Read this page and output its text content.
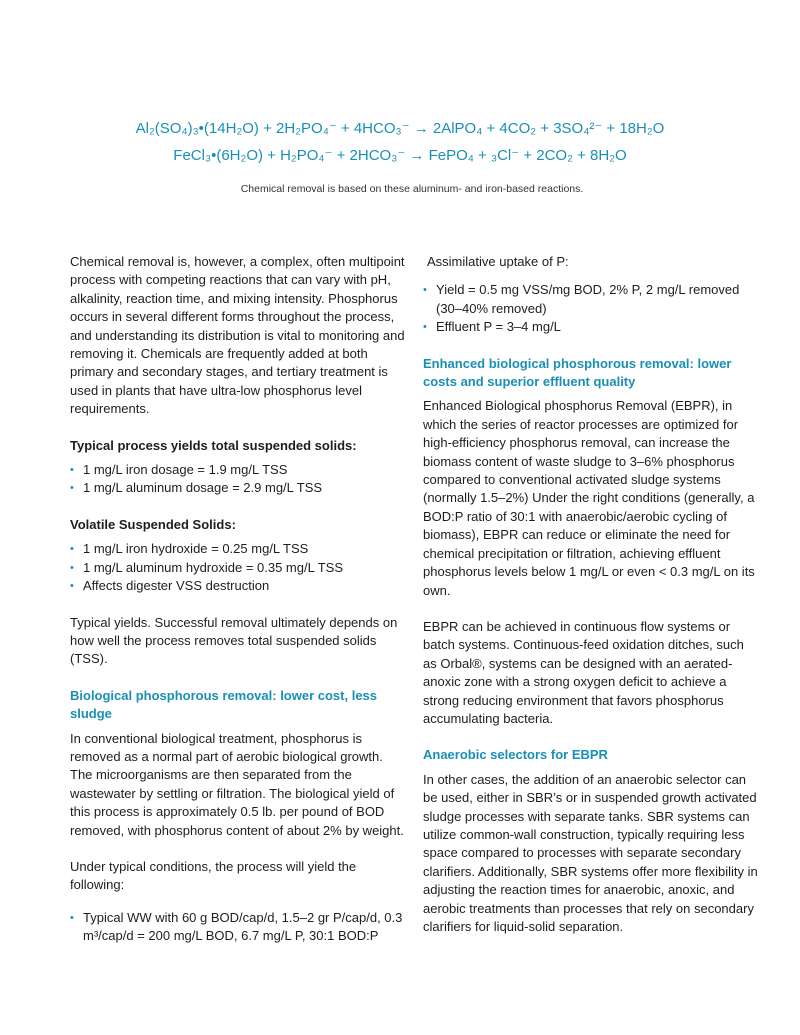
Al₂(SO₄)₃•(14H₂O) + 2H₂PO₄⁻ + 4HCO₃⁻ → 2AlPO₄ + 4CO₂ + 3SO₄²⁻ + 18H₂O
FeCl₃•(6H₂O) + H₂PO₄⁻ + 2HCO₃⁻ → FePO₄ + ₃Cl⁻ + 2CO₂ + 8H₂O
Chemical removal is based on these aluminum- and iron-based reactions.

Chemical removal is, however, a complex, often multipoint process with competing reactions that can vary with pH, alkalinity, reaction time, and mixing intensity. Phosphorus occurs in several different forms throughout the process, and understanding its distribution is vital to monitoring and removing it. Chemicals are frequently added at both primary and secondary stages, and tertiary treatment is used in plants that have ultra-low phosphorus level requirements.

Typical process yields total suspended solids:
• 1 mg/L iron dosage = 1.9 mg/L TSS
• 1 mg/L aluminum dosage = 2.9 mg/L TSS
Volatile Suspended Solids:
• 1 mg/L iron hydroxide = 0.25 mg/L TSS
• 1 mg/L aluminum hydroxide = 0.35 mg/L TSS
• Affects digester VSS destruction

Typical yields. Successful removal ultimately depends on how well the process removes total suspended solids (TSS).

Biological phosphorous removal: lower cost, less sludge

In conventional biological treatment, phosphorus is removed as a normal part of aerobic biological growth. The microorganisms are then separated from the wastewater by settling or filtration. The biological yield of this process is approximately 0.5 lb. per pound of BOD removed, with phosphorus content of about 2% by weight.

Under typical conditions, the process will yield the following:

• Typical WW with 60 g BOD/cap/d, 1.5–2 gr P/cap/d, 0.3 m³/cap/d = 200 mg/L BOD, 6.7 mg/L P, 30:1 BOD:P

Assimilative uptake of P:

• Yield = 0.5 mg VSS/mg BOD, 2% P, 2 mg/L removed (30–40% removed)
• Effluent P = 3–4 mg/L
Enhanced biological phosphorous removal: lower costs and superior effluent quality

Enhanced Biological phosphorus Removal (EBPR), in which the series of reactor processes are optimized for high-efficiency phosphorus removal, can increase the biomass content of waste sludge to 3–6% phosphorus compared to conventional activated sludge systems (normally 1.5–2%) Under the right conditions (generally, a BOD:P ratio of 30:1 with anaerobic/aerobic cycling of biomass), EBPR can reduce or eliminate the need for chemical precipitation or filtration, achieving effluent phosphorus levels below 1 mg/L or even < 0.3 mg/L on its own.

EBPR can be achieved in continuous flow systems or batch systems. Continuous-feed oxidation ditches, such as Orbal®, systems can be designed with an aerated-anoxic zone with a strong oxygen deficit to achieve a strong reducing environment that favors phosphorus accumulating bacteria.

Anaerobic selectors for EBPR

In other cases, the addition of an anaerobic selector can be used, either in SBR’s or in suspended growth activated sludge processes with separate tanks. SBR systems can utilize common-wall construction, typically requiring less space compared to processes with separate secondary clarifiers. Additionally, SBR systems offer more flexibility in adjusting the reaction times for anaerobic, anoxic, and aerobic treatments than processes that rely on secondary clarifiers for liquid-solid separation.
